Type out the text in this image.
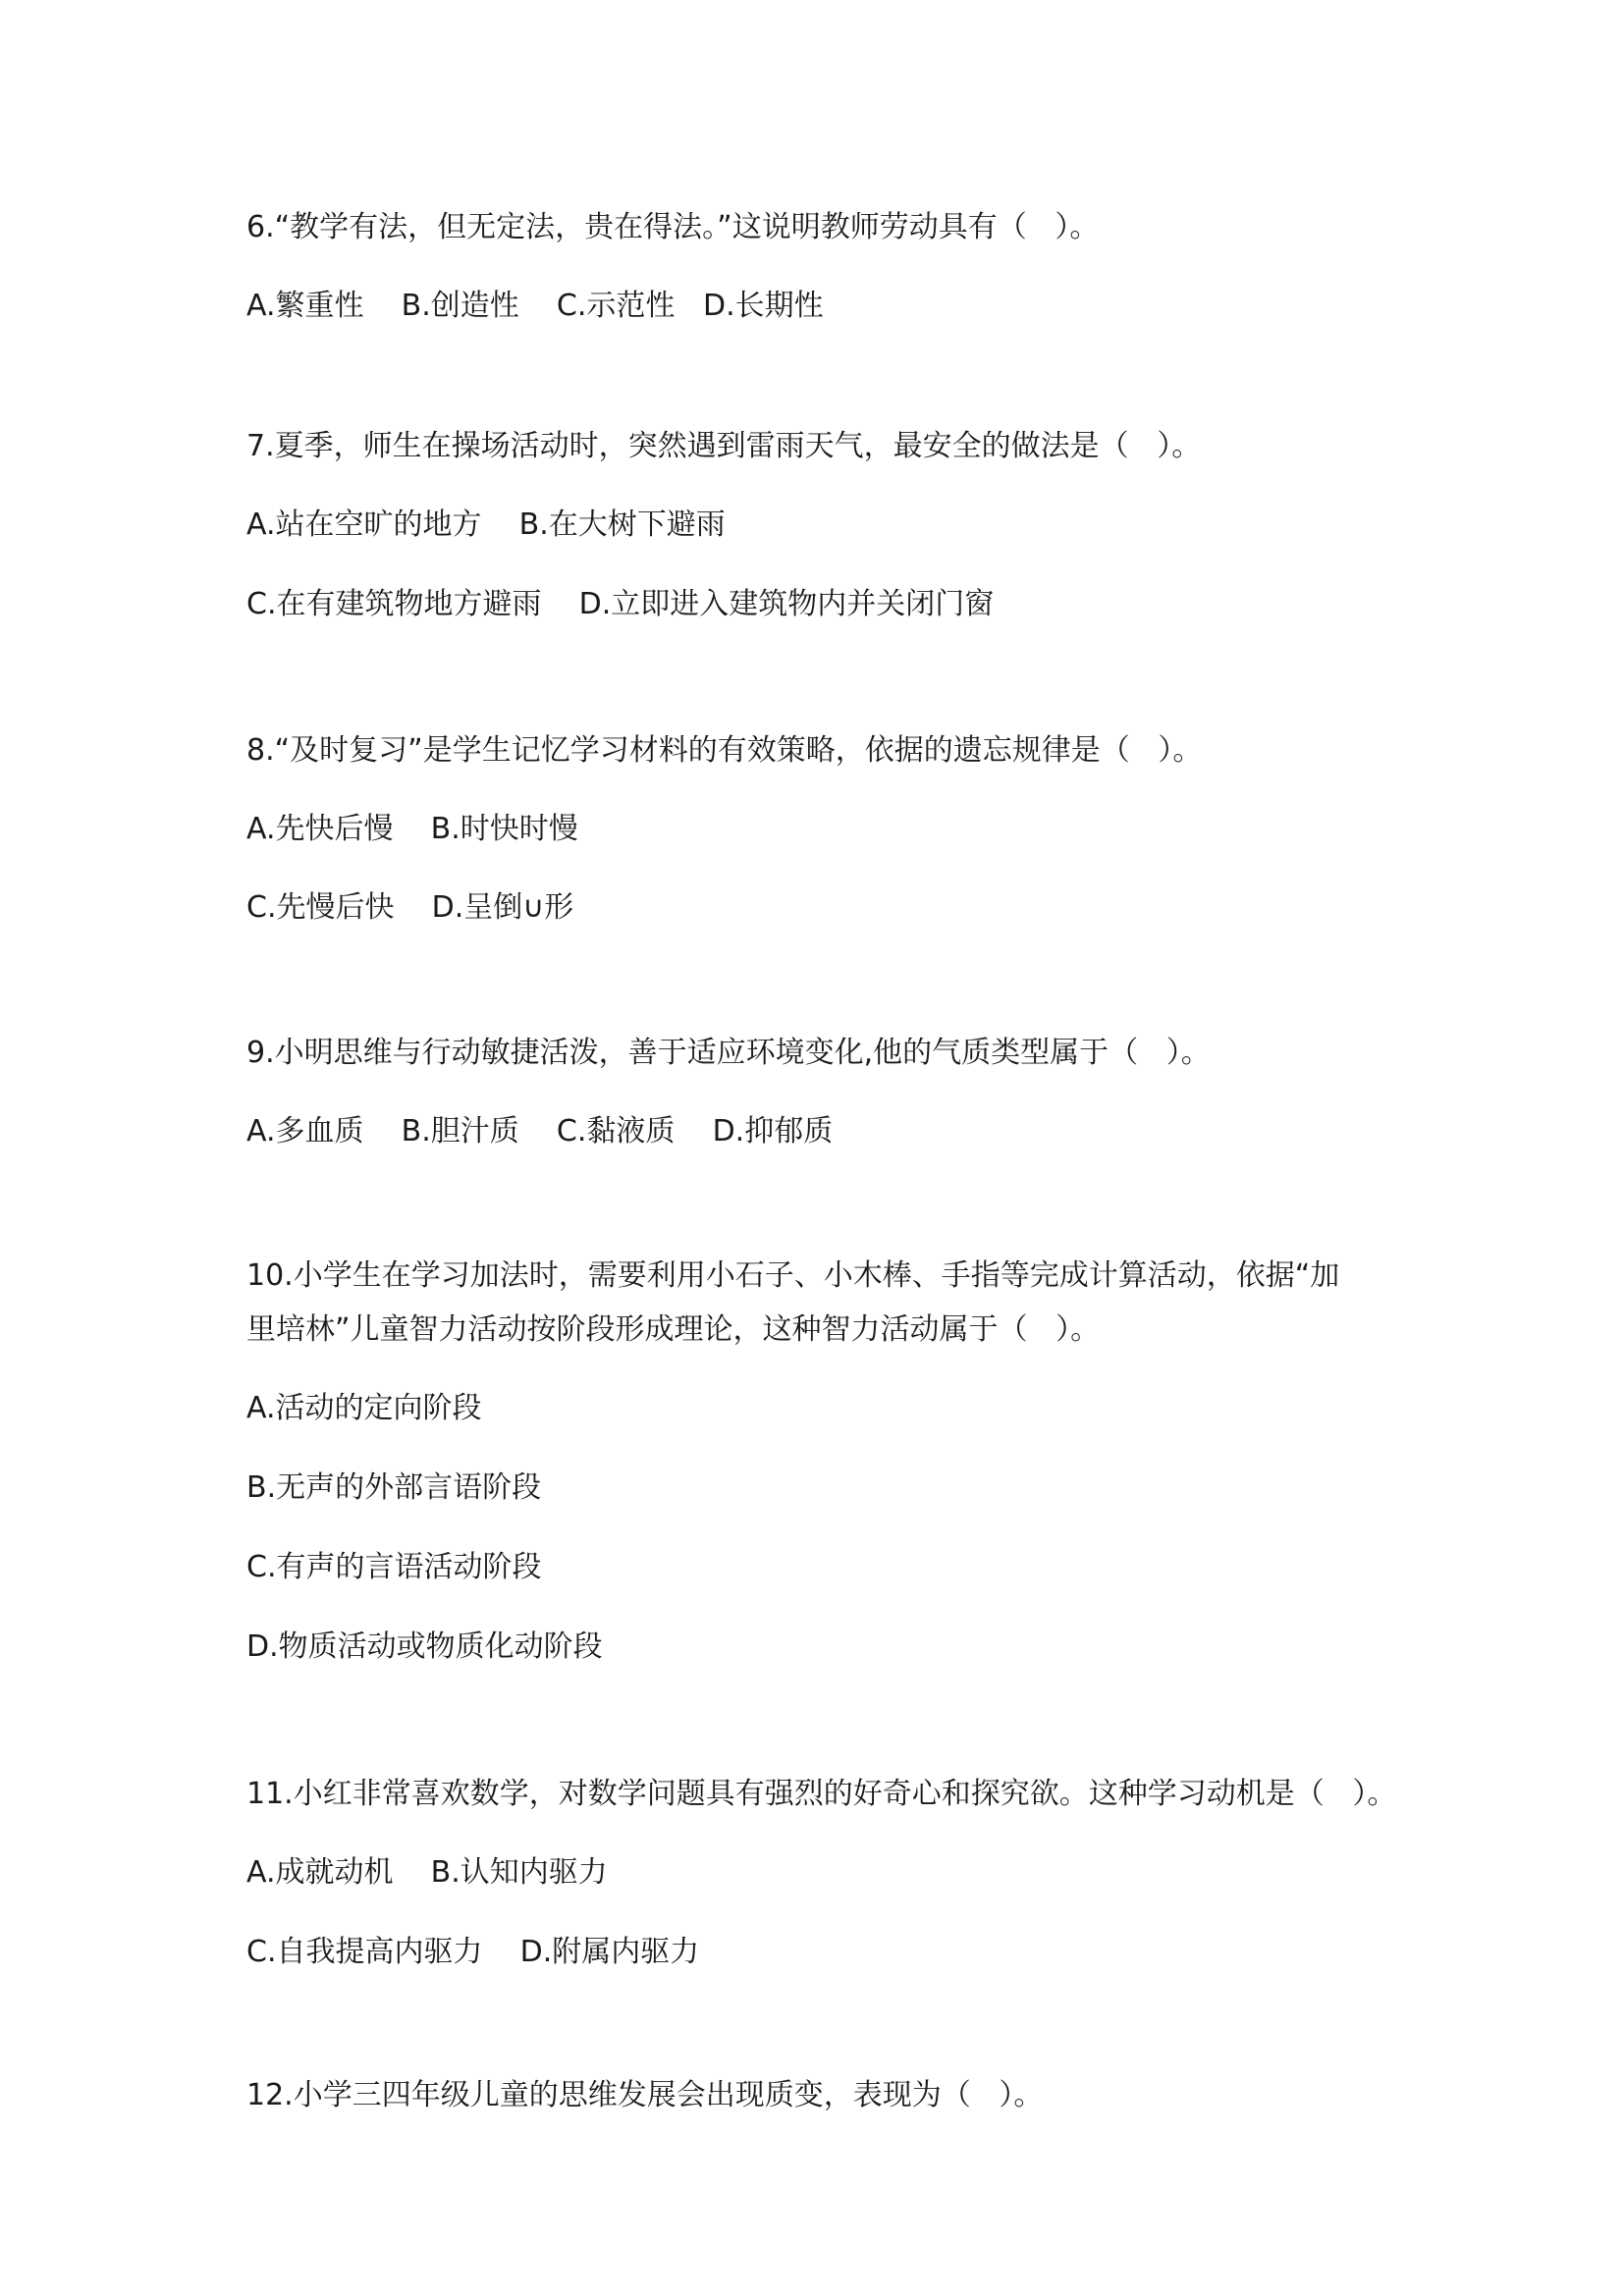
6.“教学有法，但无定法，贵在得法。”这说明教师劳动具有（   ）。

A.繁重性    B.创造性    C.示范性   D.长期性

7.夏季，师生在操场活动时，突然遇到雷雨天气，最安全的做法是（   ）。

A.站在空旷的地方    B.在大树下避雨

C.在有建筑物地方避雨    D.立即进入建筑物内并关闭门窗

8.“及时复习”是学生记忆学习材料的有效策略，依据的遗忘规律是（   ）。

A.先快后慢    B.时快时慢

C.先慢后快    D.呈倒∪形

9.小明思维与行动敏捷活泼，善于适应环境变化,他的气质类型属于（   ）。

A.多血质    B.胆汁质    C.黏液质    D.抑郁质

10.小学生在学习加法时，需要利用小石子、小木棒、手指等完成计算活动，依据“加

里培林”儿童智力活动按阶段形成理论，这种智力活动属于（   ）。

A.活动的定向阶段

B.无声的外部言语阶段

C.有声的言语活动阶段

D.物质活动或物质化动阶段

11.小红非常喜欢数学，对数学问题具有强烈的好奇心和探究欲。这种学习动机是（   ）。

A.成就动机    B.认知内驱力

C.自我提高内驱力    D.附属内驱力

12.小学三四年级儿童的思维发展会出现质变，表现为（   ）。
